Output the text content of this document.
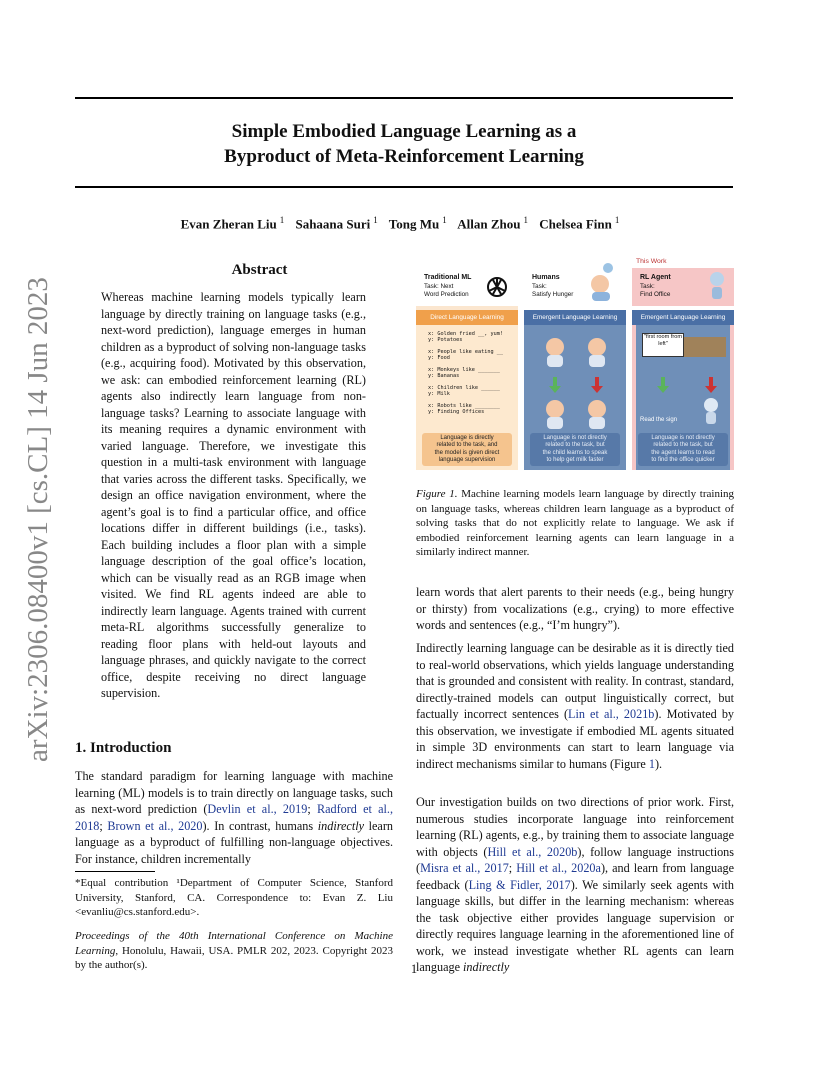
Simple Embodied Language Learning as a
Byproduct of Meta-Reinforcement Learning
Evan Zheran Liu $^1$ Sahaana Suri $^1$ Tong Mu $^1$ Allan Zhou $^1$ Chelsea Finn $^1$
arXiv:2306.08400v1 [cs.CL] 14 Jun 2023
Abstract

Whereas machine learning models typically learn language by directly training on language tasks (e.g., next-word prediction), language emerges in human children as a byproduct of solving non-language tasks (e.g., acquiring food). Motivated by this observation, we ask: can embodied reinforcement learning (RL) agents also indirectly learn language from non-language tasks? Learning to associate language with its meaning requires a dynamic environment with varied language. Therefore, we investigate this question in a multi-task environment with language that varies across the different tasks. Specifically, we design an office navigation environment, where the agent’s goal is to find a particular office, and office locations differ in different buildings (i.e., tasks). Each building includes a floor plan with a simple language description of the goal office’s location, which can be visually read as an RGB image when visited. We find RL agents indeed are able to indirectly learn language. Agents trained with current meta-RL algorithms successfully generalize to reading floor plans with held-out layouts and language phrases, and quickly navigate to the correct office, despite receiving no direct language supervision.

1. Introduction

The standard paradigm for learning language with machine learning (ML) models is to train directly on language tasks, such as next-word prediction (Devlin et al., 2019; Radford et al., 2018; Brown et al., 2020). In contrast, humans indirectly learn language as a byproduct of fulfilling non-language objectives. For instance, children incrementally

*Equal contribution ¹Department of Computer Science, Stanford University, Stanford, CA. Correspondence to: Evan Z. Liu <evanliu@cs.stanford.edu>.

Proceedings of the 40th International Conference on Machine Learning, Honolulu, Hawaii, USA. PMLR 202, 2023. Copyright 2023 by the author(s).

This Work
Traditional ML
Task: Next
Word Prediction
Direct Language Learning
x: Golden fried __, yum!
y: Potatoes
x: People like eating __
y: Food
x: Monkeys like _______
y: Bananas
x: Children like ______
y: Milk
x: Robots like ________
y: Finding Offices
Language is directly
related to the task, and
the model is given direct
language supervision
Humans
Task:
Satisfy Hunger
Emergent Language Learning
Language is not directly
related to the task, but
the child learns to speak
to help get milk faster
RL Agent
Task:
Find Office
Emergent Language Learning
"first room from left"
Read the sign
Language is not directly
related to the task, but
the agent learns to read
to find the office quicker

Figure 1. Machine learning models learn language by directly training on language tasks, whereas children learn language as a byproduct of solving tasks that do not explicitly relate to language. We ask if embodied reinforcement learning agents can learn language in a similarly indirect manner.

learn words that alert parents to their needs (e.g., being hungry or thirsty) from vocalizations (e.g., crying) to more effective words and sentences (e.g., “I’m hungry”).

Indirectly learning language can be desirable as it is directly tied to real-world observations, which yields language understanding that is grounded and consistent with reality. In contrast, standard, directly-trained models can output linguistically correct, but factually incorrect sentences (Lin et al., 2021b). Motivated by this observation, we investigate if embodied ML agents situated in simple 3D environments can start to learn language via indirect mechanisms similar to humans (Figure 1).

Our investigation builds on two directions of prior work. First, numerous studies incorporate language into reinforcement learning (RL) agents, e.g., by training them to associate language with objects (Hill et al., 2020b), follow language instructions (Misra et al., 2017; Hill et al., 2020a), and learn from language feedback (Ling & Fidler, 2017). We similarly seek agents with language skills, but differ in the learning mechanism: whereas the task objective either provides language supervision or directly requires language learning in the aforementioned line of work, we instead investigate whether RL agents can learn language indirectly

1
